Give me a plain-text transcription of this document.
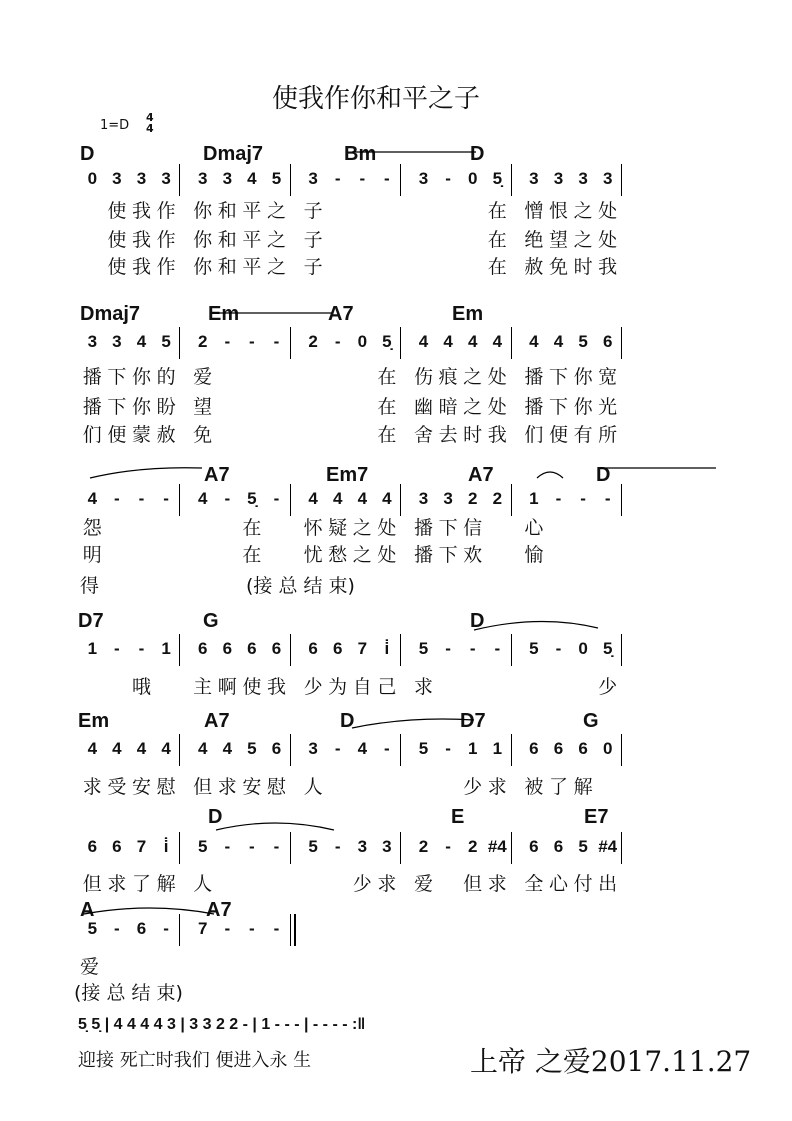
使我作你和平之子
1=D
4
4
D	Dmaj7	Bm	D
0 3 3 3	3 3 4 5	3	-	-	-	3	-	0 5̣	3 3 3 3
使 我 作 你 和 平 之 子	在 憎 恨 之 处
使 我 作 你 和 平 之 子	在 绝 望 之 处
使 我 作 你 和 平 之 子	在 赦 免 时 我
Dmaj7	Em	A7	Em
3 3 4 5	2	-	-	-	2	-	0 5̣	4 4 4 4	4 4 5 6
播 下 你 的 爱	在 伤 痕 之 处 播 下 你 宽
播 下 你 盼 望	在 幽 暗 之 处 播 下 你 光
们 便 蒙 赦 免	在 舍 去 时 我 们 便 有 所
A7	Em7	A7	D
4	-	-	-	4	-	5̣	-	4 4 4 4	3 3 2 2	1	-	-	-
怨	在 怀 疑 之 处 播 下 信 心
明	在 忧 愁 之 处 播 下 欢 愉
得	(接 总 结 束)
D7	G	D
1	-	-	1	6 6 6 6	6 6 7	i̇	5	-	-	-	5	-	0 5̣
哦 主 啊 使 我 少 为 自 己 求	少
Em	A7	D	D7	G
4 4 4 4	4 4 5 6	3	-	4	-	5	-	1 1	6 6 6 0
求 受 安 慰 但 求 安 慰 人	少 求 被 了 解
D	E	E7
6 6 7	i̇	5	-	-	-	5	-	3 3	2	-	2 #4	6 6 5 #4
但 求 了 解 人	少 求 爱 但 求 全 心 付 出
A	A7
5	-	6	-	7	-	-	-
爱
(接 总 结 束)
5̣ 5̣ | 4 4 4 4 3 | 3 3 2 2 - | 1 - - - | - - - - :‖
迎接 死亡时我们 便进入永 生	上帝 之爱2017.11.27
